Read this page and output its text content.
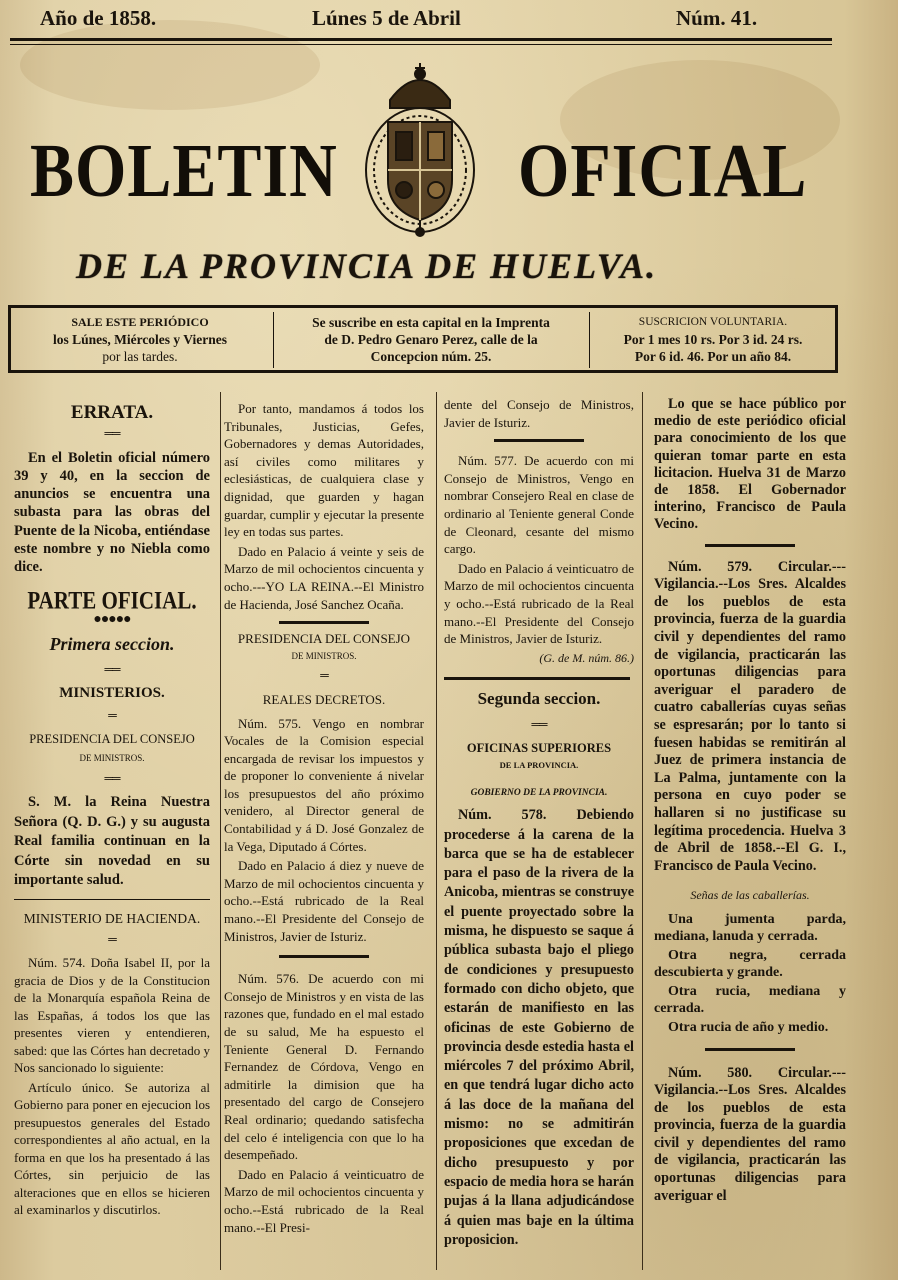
Año de 1858.	Lúnes 5 de Abril	Núm. 41.
BOLETIN	OFICIAL
DE LA PROVINCIA DE HUELVA.
SALE ESTE PERIÓDICO
los Lúnes, Miércoles y Viernes
por las tardes.
Se suscribe en esta capital en la Imprenta
de D. Pedro Genaro Perez, calle de la
Concepcion núm. 25.
SUSCRICION VOLUNTARIA.
Por 1 mes 10 rs. Por 3 id. 24 rs.
Por 6 id. 46. Por un año 84.
ERRATA.
══

En el Boletin oficial número 39 y 40, en la seccion de anuncios se encuentra una subasta para las obras del Puente de la Nicoba, entiéndase este nombre y no Niebla como dice.

PARTE OFICIAL.
●●●●●
Primera seccion.
══
MINISTERIOS.
═
PRESIDENCIA DEL CONSEJO
DE MINISTROS.
══

S. M. la Reina Nuestra Señora (Q. D. G.) y su augusta Real familia continuan en la Córte sin novedad en su importante salud.

MINISTERIO DE HACIENDA.
═

Núm. 574. Doña Isabel II, por la gracia de Dios y de la Constitucion de la Monarquía española Reina de las Españas, á todos los que las presentes vieren y entendieren, sabed: que las Córtes han decretado y Nos sancionado lo siguiente:

Artículo único. Se autoriza al Gobierno para poner en ejecucion los presupuestos generales del Estado correspondientes al año actual, en la forma en que los ha presentado á las Córtes, sin perjuicio de las alteraciones que en ellos se hicieren al examinarlos y discutirlos.

Por tanto, mandamos á todos los Tribunales, Justicias, Gefes, Gobernadores y demas Autoridades, así civiles como militares y eclesiásticas, de cualquiera clase y dignidad, que guarden y hagan guardar, cumplir y ejecutar la presente ley en todas sus partes.

Dado en Palacio á veinte y seis de Marzo de mil ochocientos cincuenta y ocho.---YO LA REINA.--El Ministro de Hacienda, José Sanchez Ocaña.

PRESIDENCIA DEL CONSEJO
DE MINISTROS.
═
REALES DECRETOS.

Núm. 575. Vengo en nombrar Vocales de la Comision especial encargada de revisar los impuestos y de proponer lo conveniente á nivelar los presupuestos del año próximo venidero, al Director general de Contabilidad y á D. José Gonzalez de la Vega, Diputado á Córtes.

Dado en Palacio á diez y nueve de Marzo de mil ochocientos cincuenta y ocho.--Está rubricado de la Real mano.--El Presidente del Consejo de Ministros, Javier de Isturiz.

Núm. 576. De acuerdo con mi Consejo de Ministros y en vista de las razones que, fundado en el mal estado de su salud, Me ha espuesto el Teniente General D. Fernando Fernandez de Córdova, Vengo en admitirle la dimision que ha presentado del cargo de Consejero Real ordinario; quedando satisfecha del celo é inteligencia con que lo ha desempeñado.

Dado en Palacio á veinticuatro de Marzo de mil ochocientos cincuenta y ocho.--Está rubricado de la Real mano.--El Presi-

dente del Consejo de Ministros, Javier de Isturiz.

Núm. 577. De acuerdo con mi Consejo de Ministros, Vengo en nombrar Consejero Real en clase de ordinario al Teniente general Conde de Cleonard, cesante del mismo cargo.

Dado en Palacio á veinticuatro de Marzo de mil ochocientos cincuenta y ocho.--Está rubricado de la Real mano.--El Presidente del Consejo de Ministros, Javier de Isturiz.

(G. de M. núm. 86.)
Segunda seccion.
══
OFICINAS SUPERIORES
DE LA PROVINCIA.
GOBIERNO DE LA PROVINCIA.

Núm. 578. Debiendo procederse á la carena de la barca que se ha de establecer para el paso de la rivera de la Anicoba, mientras se construye el puente proyectado sobre la misma, he dispuesto se saque á pública subasta bajo el pliego de condiciones y presupuesto formado con dicho objeto, que estarán de manifiesto en las oficinas de este Gobierno de provincia desde estedia hasta el miércoles 7 del próximo Abril, en que tendrá lugar dicho acto á las doce de la mañana del mismo: no se admitirán proposiciones que excedan de dicho presupuesto y por espacio de media hora se harán pujas á la llana adjudicándose á quien mas baje en la última proposicion.

Lo que se hace público por medio de este periódico oficial para conocimiento de los que quieran tomar parte en esta licitacion. Huelva 31 de Marzo de 1858. El Gobernador interino, Francisco de Paula Vecino.

Núm. 579. Circular.---Vigilancia.--Los Sres. Alcaldes de los pueblos de esta provincia, fuerza de la guardia civil y dependientes del ramo de vigilancia, practicarán las oportunas diligencias para averiguar el paradero de cuatro caballerías cuyas señas se espresarán; por lo tanto si fuesen habidas se remitirán al Juez de primera instancia de La Palma, juntamente con la persona en cuyo poder se hallaren si no justificase su legítima procedencia. Huelva 3 de Abril de 1858.--El G. I., Francisco de Paula Vecino.

Señas de las caballerías.

Una jumenta parda, mediana, lanuda y cerrada.

Otra negra, cerrada descubierta y grande.

Otra rucia, mediana y cerrada.

Otra rucia de año y medio.

Núm. 580. Circular.---Vigilancia.--Los Sres. Alcaldes de los pueblos de esta provincia, fuerza de la guardia civil y dependientes del ramo de vigilancia, practicarán las oportunas diligencias para averiguar el
